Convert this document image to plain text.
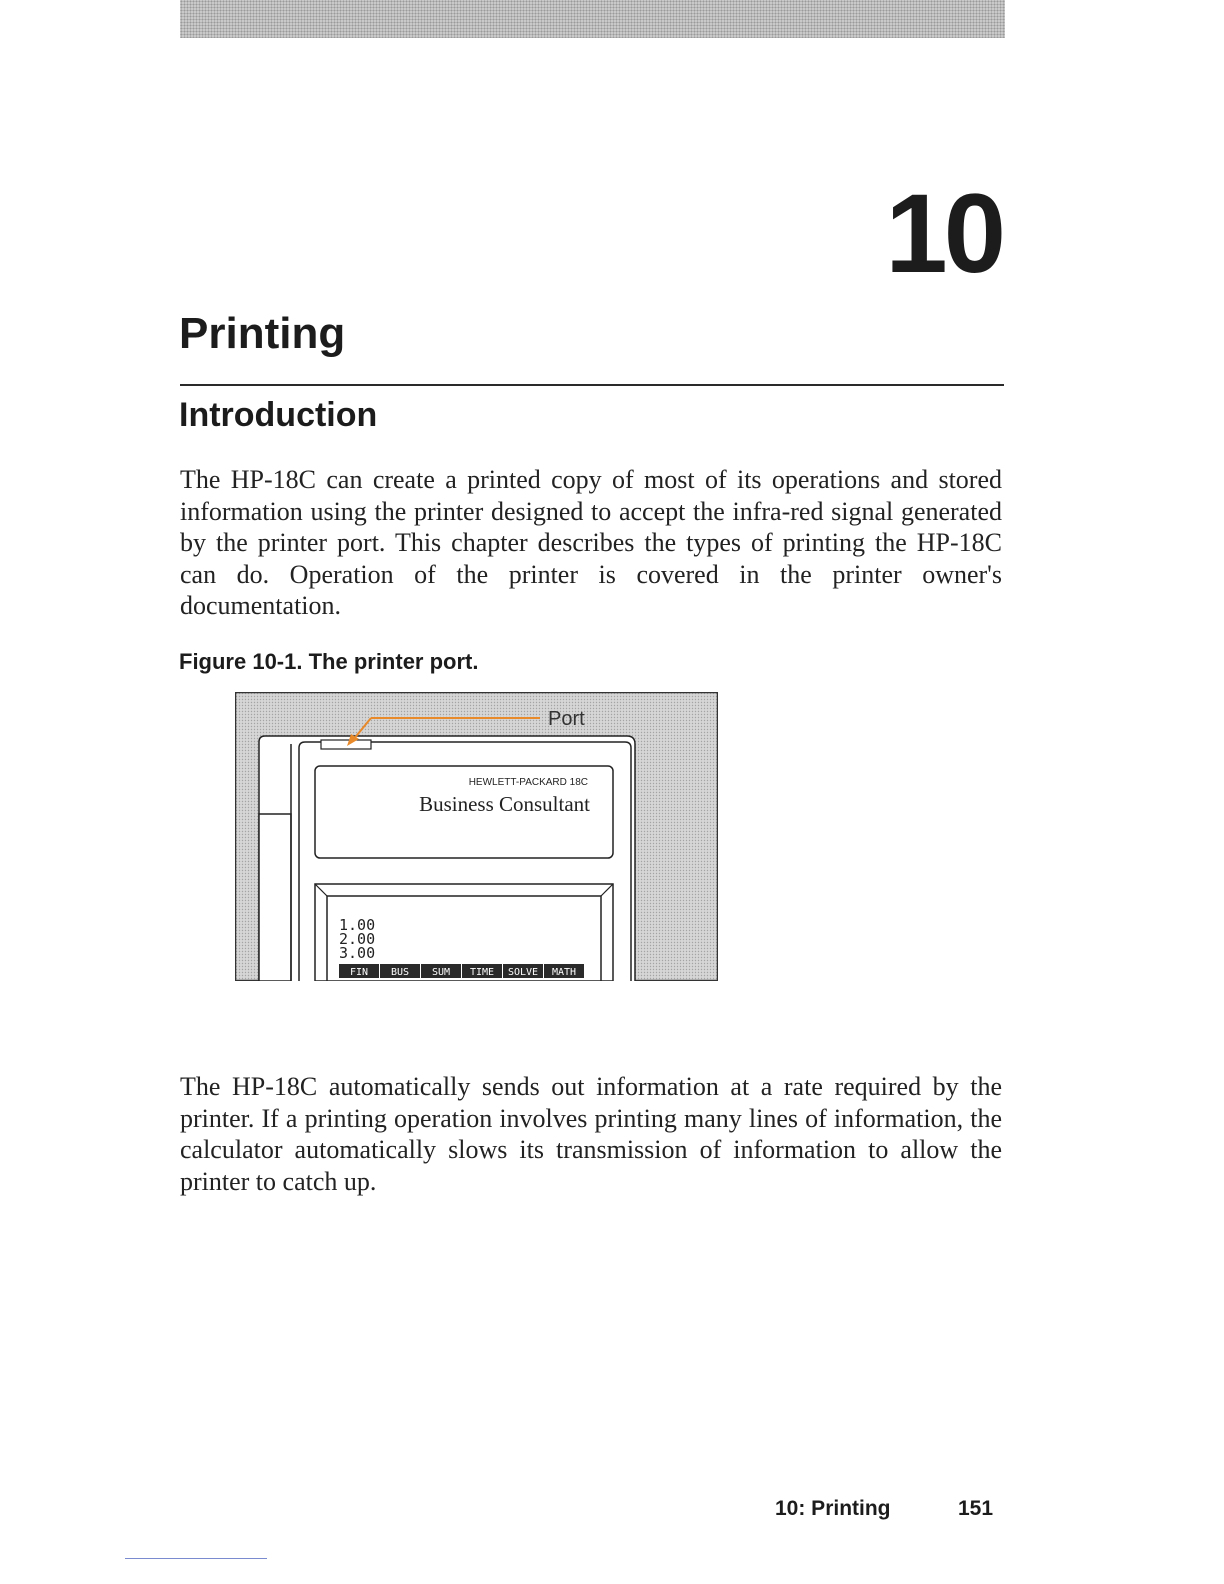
10
Printing
Introduction
The HP-18C can create a printed copy of most of its operations and stored information using the printer designed to accept the infra-red signal generated by the printer port. This chapter describes the types of printing the HP-18C can do. Operation of the printer is covered in the printer owner's documentation.
Figure 10-1. The printer port.
Port
HEWLETT-PACKARD 18C
Business Consultant
1.00
2.00
3.00
FIN BUS SUM TIME SOLVE MATH
The HP-18C automatically sends out information at a rate required by the printer. If a printing operation involves printing many lines of information, the calculator automatically slows its transmission of information to allow the printer to catch up.
10: Printing	151
